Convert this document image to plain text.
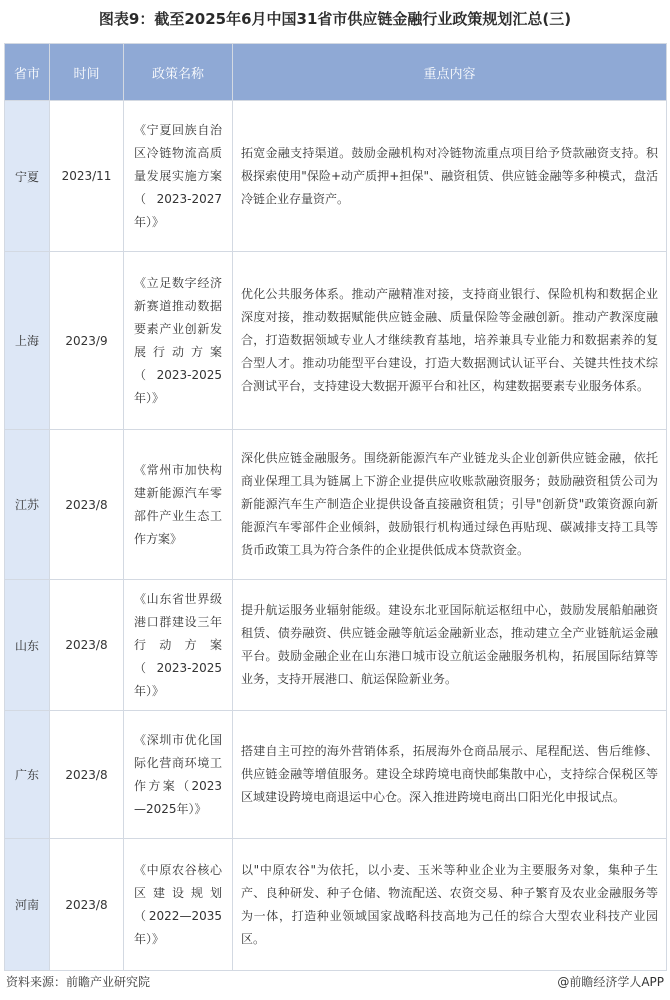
图表9：截至2025年6月中国31省市供应链金融行业政策规划汇总(三)
省市	时间	政策名称	重点内容
宁夏	2023/11	《宁夏回族自治区冷链物流高质量发展实施方案（2023-2027年）》	拓宽金融支持渠道。鼓励金融机构对冷链物流重点项目给予贷款融资支持。积极探索使用"保险+动产质押+担保"、融资租赁、供应链金融等多种模式，盘活冷链企业存量资产。
上海	2023/9	《立足数字经济新赛道推动数据要素产业创新发展行动方案（2023-2025年）》	优化公共服务体系。推动产融精准对接，支持商业银行、保险机构和数据企业深度对接，推动数据赋能供应链金融、质量保险等金融创新。推动产教深度融合，打造数据领域专业人才继续教育基地，培养兼具专业能力和数据素养的复合型人才。推动功能型平台建设，打造大数据测试认证平台、关键共性技术综合测试平台，支持建设大数据开源平台和社区，构建数据要素专业服务体系。
江苏	2023/8	《常州市加快构建新能源汽车零部件产业生态工作方案》	深化供应链金融服务。围绕新能源汽车产业链龙头企业创新供应链金融，依托商业保理工具为链属上下游企业提供应收账款融资服务；鼓励融资租赁公司为新能源汽车生产制造企业提供设备直接融资租赁；引导"创新贷"政策资源向新能源汽车零部件企业倾斜，鼓励银行机构通过绿色再贴现、碳减排支持工具等货币政策工具为符合条件的企业提供低成本贷款资金。
山东	2023/8	《山东省世界级港口群建设三年行动方案（2023-2025年）》	提升航运服务业辐射能级。建设东北亚国际航运枢纽中心，鼓励发展船舶融资租赁、债券融资、供应链金融等航运金融新业态，推动建立全产业链航运金融平台。鼓励金融企业在山东港口城市设立航运金融服务机构，拓展国际结算等业务，支持开展港口、航运保险新业务。
广东	2023/8	《深圳市优化国际化营商环境工作方案（2023—2025年）》	搭建自主可控的海外营销体系，拓展海外仓商品展示、尾程配送、售后维修、供应链金融等增值服务。建设全球跨境电商快邮集散中心，支持综合保税区等区域建设跨境电商退运中心仓。深入推进跨境电商出口阳光化申报试点。
河南	2023/8	《中原农谷核心区建设规划（2022—2035年）》	以"中原农谷"为依托，以小麦、玉米等种业企业为主要服务对象，集种子生产、良种研发、种子仓储、物流配送、农资交易、种子繁育及农业金融服务等为一体，打造种业领域国家战略科技高地为己任的综合大型农业科技产业园区。
资料来源：前瞻产业研究院	@前瞻经济学人APP
